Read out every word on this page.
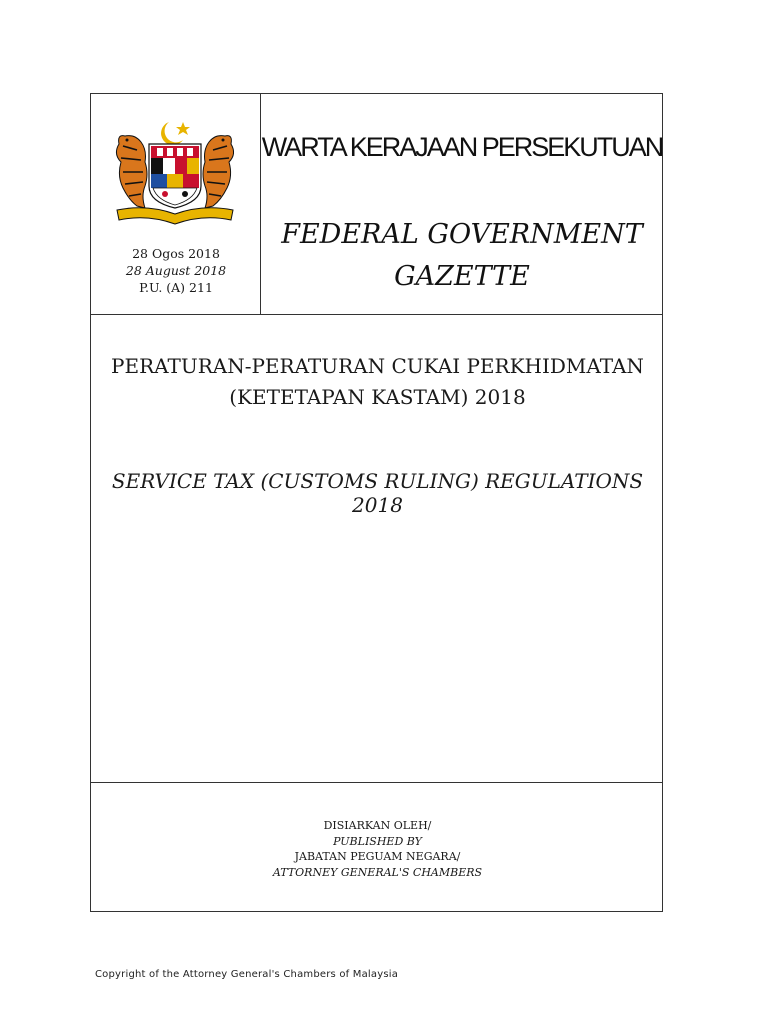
28 Ogos 2018
28 August 2018
P.U. (A) 211
WARTA KERAJAAN PERSEKUTUAN
FEDERAL GOVERNMENT
GAZETTE
PERATURAN-PERATURAN CUKAI PERKHIDMATAN
(KETETAPAN KASTAM) 2018
SERVICE TAX (CUSTOMS RULING) REGULATIONS 2018
DISIARKAN OLEH/
PUBLISHED BY
JABATAN PEGUAM NEGARA/
ATTORNEY GENERAL'S CHAMBERS
Copyright of the Attorney General's Chambers of Malaysia
